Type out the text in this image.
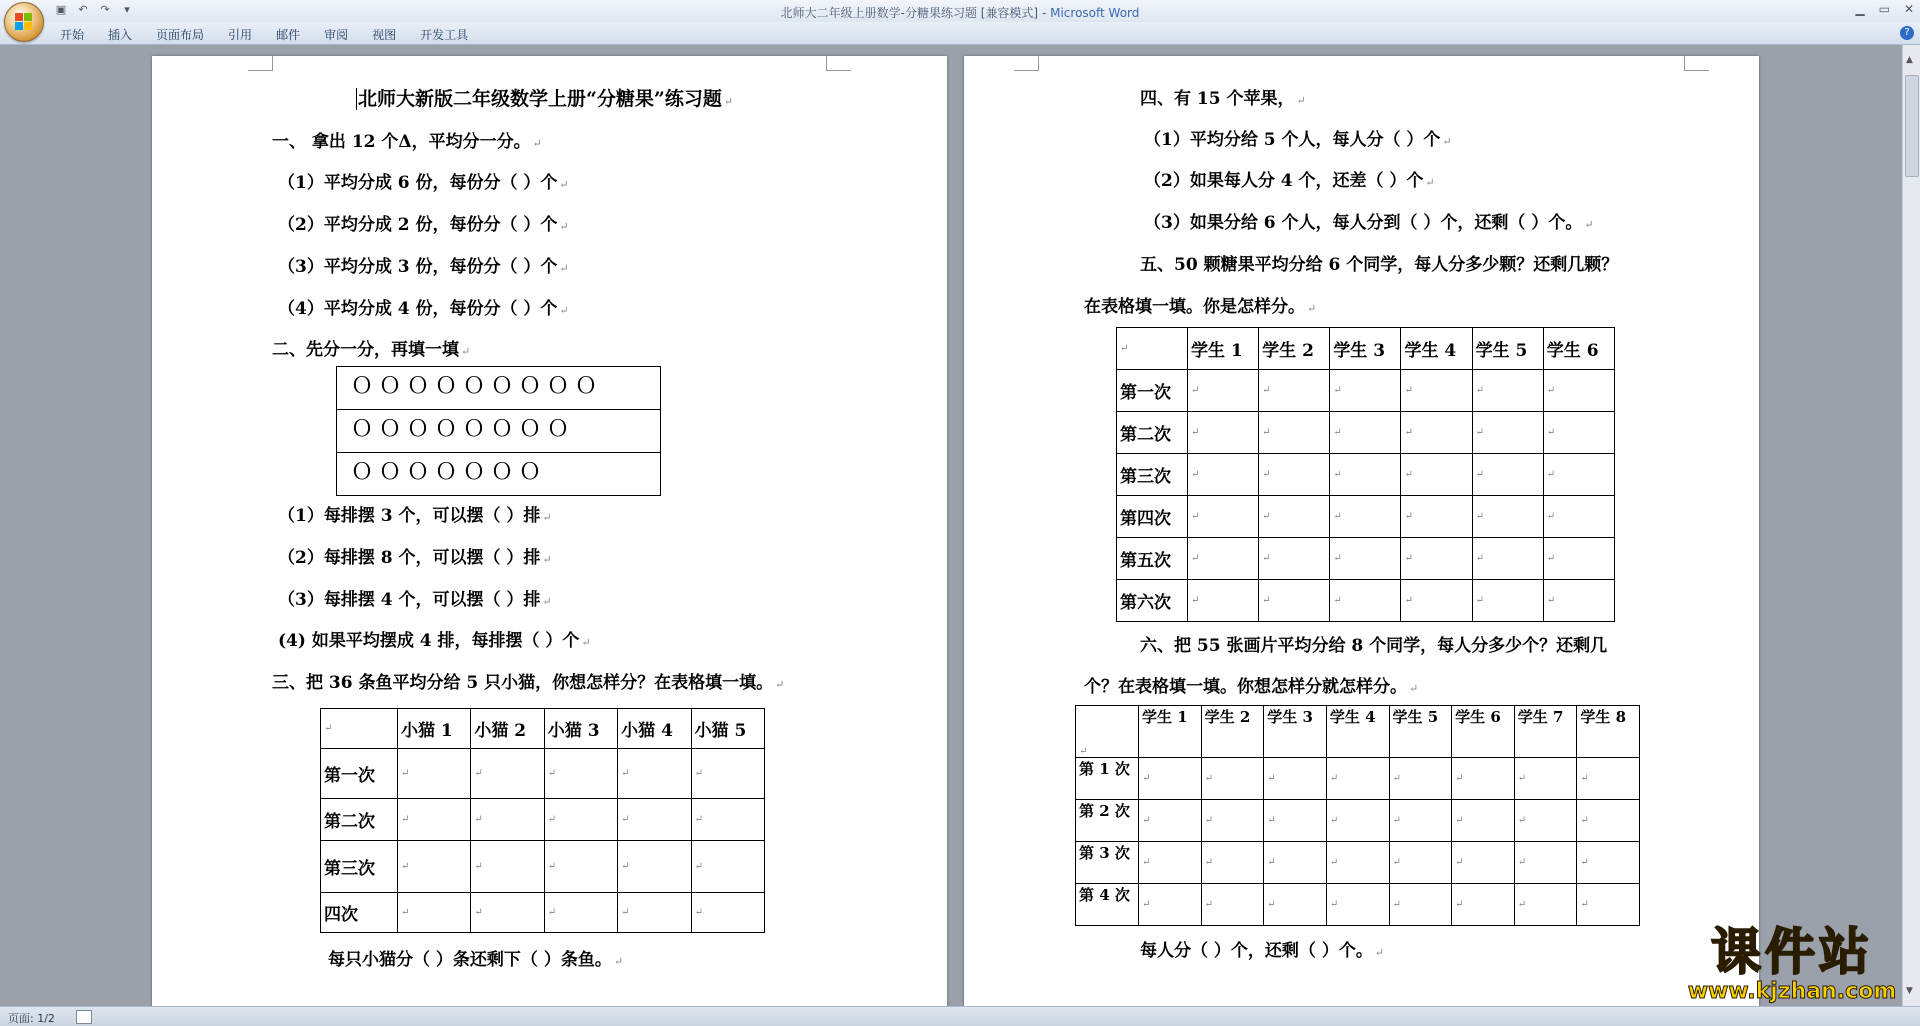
▣ ↶ ↷	▾	北师大二年级上册数学-分糖果练习题 [兼容模式] - Microsoft Word	▁ ▭ ✕
开始	插入	页面布局	引用	邮件	审阅	视图	开发工具	?
北师大新版二年级数学上册“分糖果”练习题 ↵
一、 拿出 12 个Δ，平均分一分。 ↵
（1）平均分成 6 份，每份分（ ）个 ↵
（2）平均分成 2 份，每份分（ ）个 ↵
（3）平均分成 3 份，每份分（ ）个 ↵
（4）平均分成 4 份，每份分（ ）个 ↵
二、先分一分，再填一填 ↵
ＯＯＯＯＯＯＯＯＯ
ＯＯＯＯＯＯＯＯ
ＯＯＯＯＯＯＯ
（1）每排摆 3 个，可以摆（ ）排 ↵
（2）每排摆 8 个，可以摆（ ）排 ↵
（3）每排摆 4 个，可以摆（ ）排 ↵
(4) 如果平均摆成 4 排，每排摆（ ）个 ↵
三、把 36 条鱼平均分给 5 只小猫，你想怎样分？在表格填一填。 ↵
↵	小猫 1	小猫 2	小猫 3	小猫 4	小猫 5
第一次	↵	↵	↵	↵	↵
第二次	↵	↵	↵	↵	↵
第三次	↵	↵	↵	↵	↵
四次	↵	↵	↵	↵	↵
每只小猫分（ ）条还剩下（ ）条鱼。 ↵
四、有 15 个苹果， ↵
（1）平均分给 5 个人，每人分（ ）个 ↵
（2）如果每人分 4 个，还差（ ）个 ↵
（3）如果分给 6 个人，每人分到（ ）个，还剩（ ）个。 ↵
五、50 颗糖果平均分给 6 个同学，每人分多少颗？还剩几颗？
在表格填一填。你是怎样分。 ↵
↵	学生 1	学生 2	学生 3	学生 4	学生 5	学生 6
第一次	↵	↵	↵	↵	↵	↵
第二次	↵	↵	↵	↵	↵	↵
第三次	↵	↵	↵	↵	↵	↵
第四次	↵	↵	↵	↵	↵	↵
第五次	↵	↵	↵	↵	↵	↵
第六次	↵	↵	↵	↵	↵	↵
六、把 55 张画片平均分给 8 个同学，每人分多少个？还剩几
个？在表格填一填。你想怎样分就怎样分。 ↵
↵	学生 1	学生 2	学生 3	学生 4	学生 5	学生 6	学生 7	学生 8
第 1 次	↵	↵	↵	↵	↵	↵	↵	↵
第 2 次	↵	↵	↵	↵	↵	↵	↵	↵
第 3 次	↵	↵	↵	↵	↵	↵	↵	↵
第 4 次	↵	↵	↵	↵	↵	↵	↵	↵
每人分（ ）个，还剩（ ）个。 ↵
▲
▼
页面: 1/2
课件站
www.kjzhan.com
